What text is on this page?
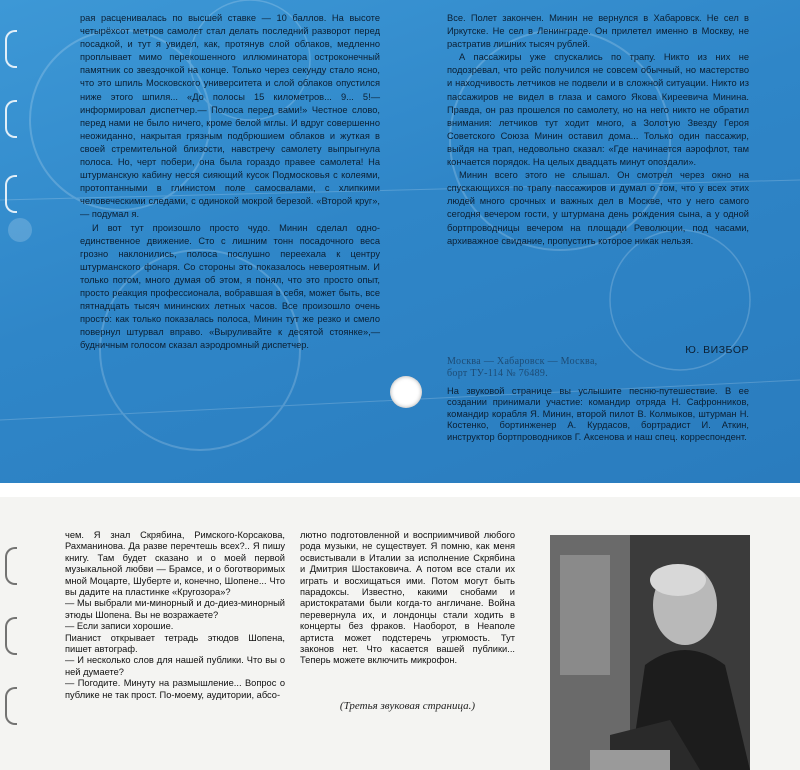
рая расценивалась по высшей ставке — 10 баллов. На высоте четырёхсот метров самолет стал делать последний разворот перед посадкой, и тут я увидел, как, протянув слой облаков, медленно проплывает мимо перекошенного иллюминатора остроконечный памятник со звездочкой на конце. Только через секунду стало ясно, что это шпиль Московского университета и слой облаков опустился ниже этого шпиля... «До полосы 15 километров... 9... 5!— информировал диспетчер.— Полоса перед вами!» Честное слово, перед нами не было ничего, кроме белой мглы. И вдруг совершенно неожиданно, накрытая грязным подбрюшием облаков и жуткая в своей стремительной близости, навстречу самолету выпрыгнула полоса. Но, черт побери, она была гораздо правее самолета! На штурманскую кабину несся сияющий кусок Подмосковья с колеями, протоптанными в глинистом поле самосвалами, с хлипкими человеческими следами, с одинокой мокрой березой. «Второй круг»,— подумал я.

И вот тут произошло просто чудо. Минин сделал одно-единственное движение. Сто с лишним тонн посадочного веса грозно наклонились, полоса послушно переехала к центру штурманского фонаря. Со стороны это показалось невероятным. И только потом, много думая об этом, я понял, что это просто опыт, просто реакция профессионала, вобравшая в себя, может быть, все пятнадцать тысяч мининских летных часов. Все произошло очень просто: как только показалась полоса, Минин тут же резко и смело повернул штурвал вправо. «Выруливайте к десятой стоянке»,— будничным голосом сказал аэродромный диспетчер.

Все. Полет закончен. Минин не вернулся в Хабаровск. Не сел в Иркутске. Не сел в Ленинграде. Он прилетел именно в Москву, не растратив лишних тысяч рублей.

А пассажиры уже спускались по трапу. Никто из них не подозревал, что рейс получился не совсем обычный, но мастерство и находчивость летчиков не подвели и в сложной ситуации. Никто из пассажиров не видел в глаза и самого Якова Киреевича Минина. Правда, он раз прошелся по самолету, но на него никто не обратил внимания: летчиков тут ходит много, а Золотую Звезду Героя Советского Союза Минин оставил дома... Только один пассажир, выйдя на трап, недовольно сказал: «Где начинается аэрофлот, там кончается порядок. На целых двадцать минут опоздали».

Минин всего этого не слышал. Он смотрел через окно на спускающихся по трапу пассажиров и думал о том, что у всех этих людей много срочных и важных дел в Москве, что у него самого сегодня вечером гости, у штурмана день рождения сына, а у одной бортпроводницы вечером на площади Революции, под часами, архиважное свидание, пропустить которое никак нельзя.

Ю. ВИЗБОР
Москва — Хабаровск — Москва,
борт ТУ-114 № 76489.
На звуковой странице вы услышите песню-путешествие. В ее создании принимали участие: командир отряда Н. Сафронников, командир корабля Я. Минин, второй пилот В. Колмыков, штурман Н. Костенко, бортинженер А. Курдасов, бортрадист И. Аткин, инструктор бортпроводников Г. Аксенова и наш спец. корреспондент.

чем. Я знал Скрябина, Римского-Корсакова, Рахманинова. Да разве перечтешь всех?.. Я пишу книгу. Там будет сказано и о моей первой музыкальной любви — Брамсе, и о боготворимых мной Моцарте, Шуберте и, конечно, Шопене... Что вы дадите на пластинке «Кругозора»?

— Мы выбрали ми-минорный и до-диез-минорный этюды Шопена. Вы не возражаете?

— Если записи хорошие.

Пианист открывает тетрадь этюдов Шопена, пишет автограф.

— И несколько слов для нашей публики. Что вы о ней думаете?

— Погодите. Минуту на размышление... Вопрос о публике не так прост. По-моему, аудитории, абсо-

лютно подготовленной и восприимчивой любого рода музыки, не существует. Я помню, как меня освистывали в Италии за исполнение Скрябина и Дмитрия Шостаковича. А потом все стали их играть и восхищаться ими. Потом могут быть парадоксы. Известно, какими снобами и аристократами были когда-то англичане. Война перевернула их, и лондонцы стали ходить в концерты без фраков. Наоборот, в Неаполе артиста может подстеречь угрюмость. Тут законов нет. Что касается вашей публики... Теперь можете включить микрофон.

(Третья звуковая страница.)
